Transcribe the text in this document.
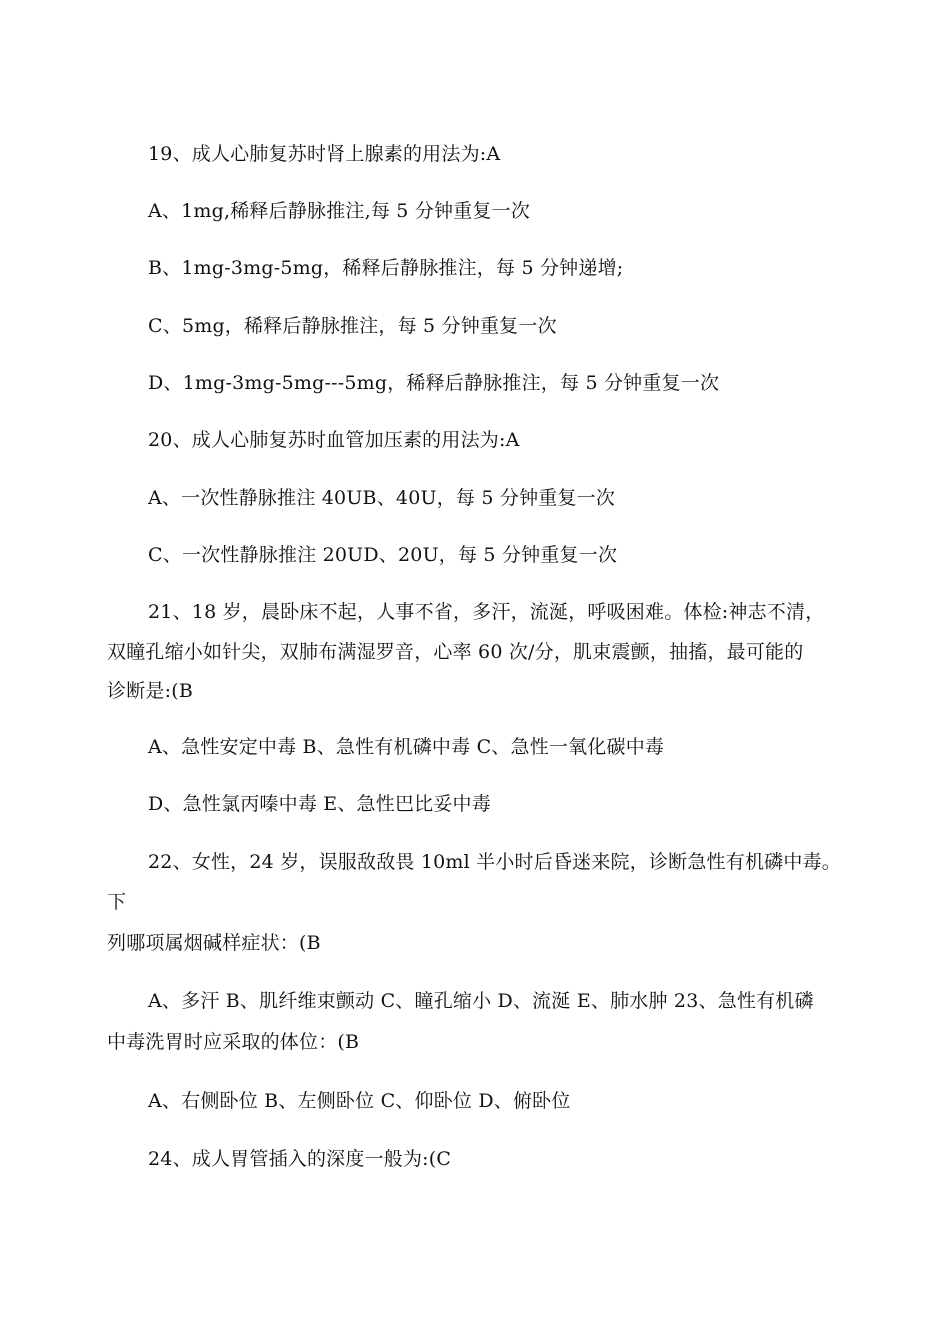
19、成人心肺复苏时肾上腺素的用法为:A
A、1mg,稀释后静脉推注,每 5 分钟重复一次
B、1mg-3mg-5mg，稀释后静脉推注，每 5 分钟递增;
C、5mg，稀释后静脉推注，每 5 分钟重复一次
D、1mg-3mg-5mg---5mg，稀释后静脉推注，每 5 分钟重复一次
20、成人心肺复苏时血管加压素的用法为:A
A、一次性静脉推注 40UB、40U，每 5 分钟重复一次
C、一次性静脉推注 20UD、20U，每 5 分钟重复一次
21、18 岁，晨卧床不起，人事不省，多汗，流涎，呼吸困难。体检:神志不清，
双瞳孔缩小如针尖，双肺布满湿罗音，心率 60 次/分，肌束震颤，抽搐，最可能的
诊断是:(B
A、急性安定中毒 B、急性有机磷中毒 C、急性一氧化碳中毒
D、急性氯丙嗪中毒 E、急性巴比妥中毒
22、女性，24 岁，误服敌敌畏 10ml 半小时后昏迷来院，诊断急性有机磷中毒。
下
列哪项属烟碱样症状：(B
A、多汗 B、肌纤维束颤动 C、瞳孔缩小 D、流涎 E、肺水肿 23、急性有机磷
中毒洗胃时应采取的体位：(B
A、右侧卧位 B、左侧卧位 C、仰卧位 D、俯卧位
24、成人胃管插入的深度一般为:(C
